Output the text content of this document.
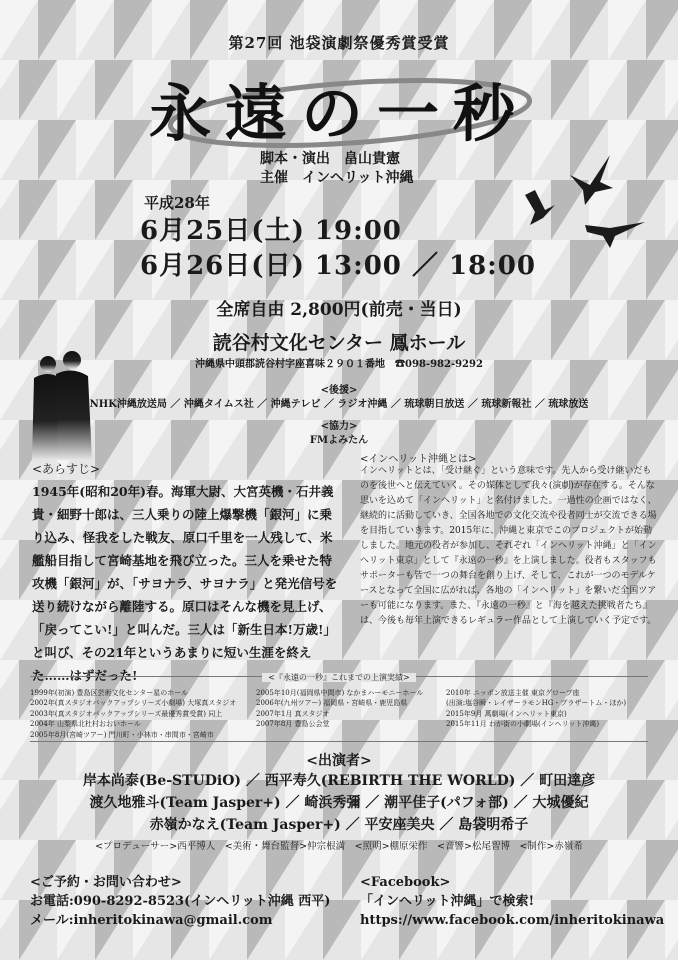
第27回 池袋演劇祭優秀賞受賞
永遠の一秒
脚本・演出　畠山貴憲
主催　インヘリット沖縄
平成28年
6月25日(土) 19:00
6月26日(日) 13:00 ／ 18:00
全席自由 2,800円(前売・当日)
読谷村文化センター 鳳ホール
沖縄県中頭郡読谷村字座喜味２９０１番地　☎098-982-9292
<後援>
NHK沖縄放送局 ／ 沖縄タイムス社 ／ 沖縄テレビ ／ ラジオ沖縄 ／ 琉球朝日放送 ／ 琉球新報社 ／ 琉球放送
<協力>
FMよみたん
<あらすじ>
1945年(昭和20年)春。海軍大尉、大宮英機・石井義貴・細野十郎は、三人乗りの陸上爆撃機「銀河」に乗り込み、怪我をした戦友、原口千里を一人残して、米艦船目指して宮崎基地を飛び立った。三人を乗せた特攻機「銀河」が、「サヨナラ、サヨナラ」と発光信号を送り続けながら離陸する。原口はそんな機を見上げ、「戻ってこい!」と叫んだ。三人は「新生日本!万歳!」と叫び、その21年というあまりに短い生涯を終えた……はずだった!
<インヘリット沖縄とは>
インヘリットとは、「受け継ぐ」という意味です。先人から受け継いだものを後世へと伝えていく。その媒体として我々(演劇)が存在する。そんな思いを込めて「インヘリット」と名付けました。一過性の企画ではなく、継続的に活動していき、全国各地での文化交流や役者同士が交流できる場を目指していきます。2015年に、沖縄と東京でこのプロジェクトが始動しました。地元の役者が参加し、それぞれ「インヘリット沖縄」と「インヘリット東京」として『永遠の一秒』を上演しました。役者もスタッフもサポーターも皆で一つの舞台を創り上げ、そして、これが一つのモデルケースとなって全国に広がれば、各地の「インヘリット」を繋いだ全国ツアーも可能になります。また、『永遠の一秒』と『海を越えた挑戦者たち』は、今後も毎年上演できるレギュラー作品として上演していく予定です。
<『永遠の一秒』これまでの上演実績>
1999年(初演) 豊島区芸術文化センター星のホール
2002年(真スタジオバックアップシリーズ小劇場) 大塚真スタジオ
2003年(真スタジオバックアップシリーズ最優秀賞受賞) 同上
2004年 山梨県北杜村おおいホール
2005年8月(宮崎ツアー) 門川町・小林市・串間市・宮崎市
2005年10月(福岡県中間市) なかまハーモニーホール
2006年(九州ツアー) 福岡県・宮崎県・鹿児島県
2007年1月 真スタジオ
2007年8月 豊島公会堂
2010年 ニッポン放送主催 東京グローブ座
(出演:塩谷瞬・レイザーラモンHG・ブラザートム・ほか)
2015年9月 萬劇場(インヘリット東京)
2015年11月 わが街の小劇場(インヘリット沖縄)
<出演者>
岸本尚泰(Be-STUDiO) ／ 西平寿久(REBIRTH THE WORLD) ／ 町田達彦
渡久地雅斗(Team Jasper+) ／ 崎浜秀彌 ／ 潮平佳子(パフォ部) ／ 大城優紀
赤嶺かなえ(Team Jasper+) ／ 平安座美央 ／ 島袋明希子
<プロデューサー>西平博人　<美術・舞台監督>仲宗根満　<照明>棚原栄作　<音響>松尾智博　<制作>赤嶺希
<ご予約・お問い合わせ>
お電話:090-8292-8523(インヘリット沖縄 西平)
メール:inheritokinawa@gmail.com
<Facebook>
「インヘリット沖縄」で検索!
https://www.facebook.com/inheritokinawa
